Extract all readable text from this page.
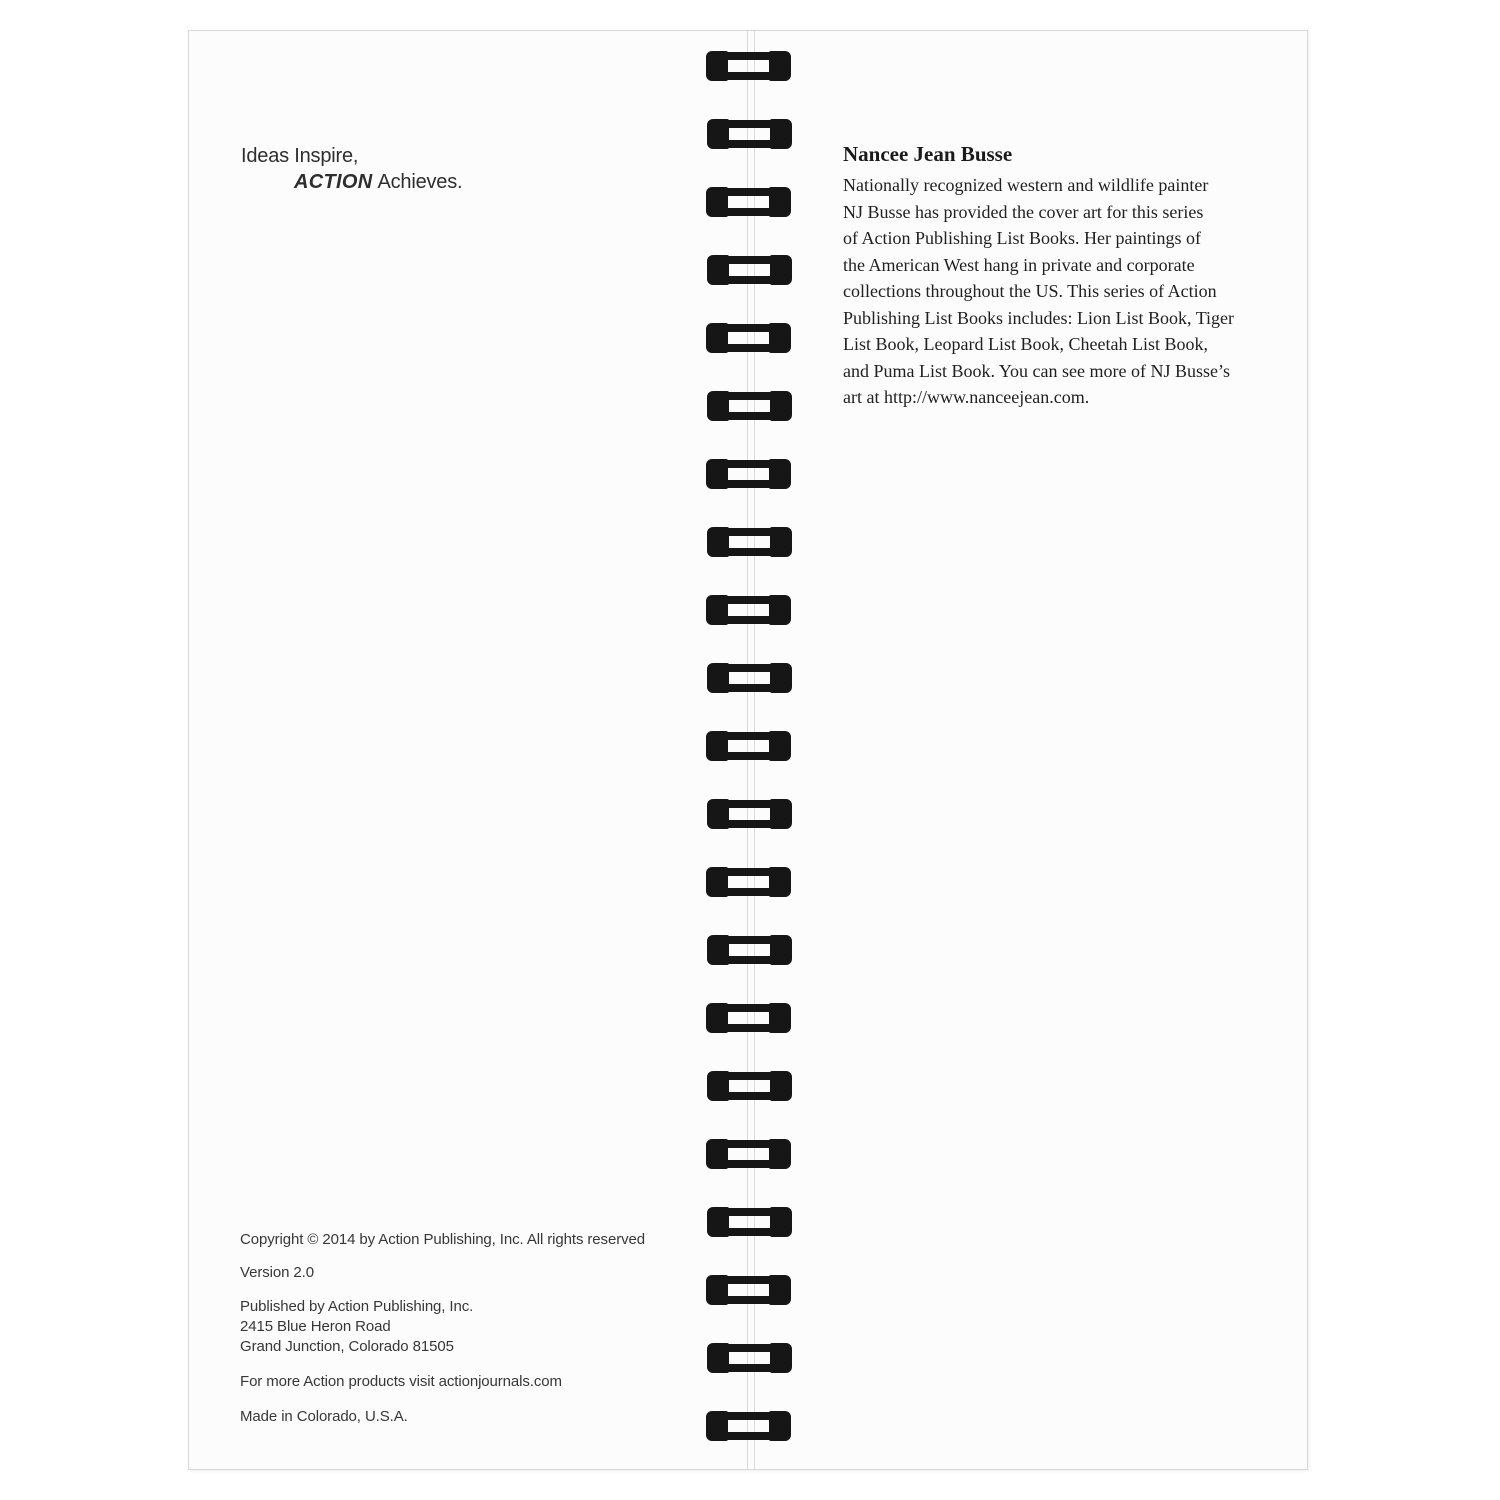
Ideas Inspire,
ACTION Achieves.

Copyright © 2014 by Action Publishing, Inc. All rights reserved

Version 2.0

Published by Action Publishing, Inc.

2415 Blue Heron Road

Grand Junction, Colorado 81505

For more Action products visit actionjournals.com

Made in Colorado, U.S.A.

Nancee Jean Busse

Nationally recognized western and wildlife painter
NJ Busse has provided the cover art for this series
of Action Publishing List Books. Her paintings of
the American West hang in private and corporate
collections throughout the US. This series of Action
Publishing List Books includes: Lion List Book, Tiger
List Book, Leopard List Book, Cheetah List Book,
and Puma List Book. You can see more of NJ Busse’s
art at http://www.nanceejean.com.
